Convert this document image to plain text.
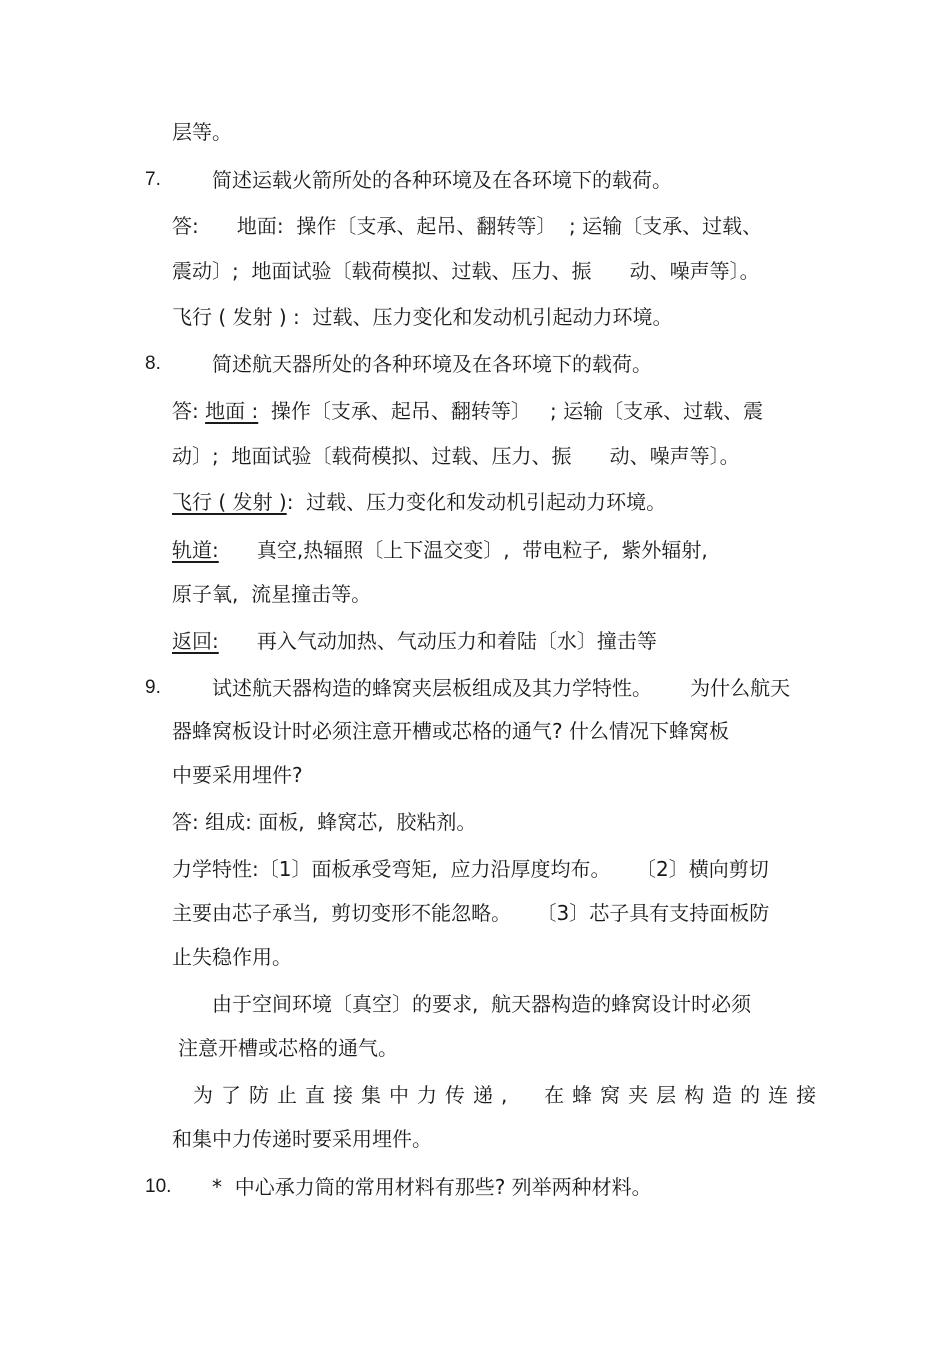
层等。
7.	简述运载火箭所处的各种环境及在各环境下的载荷。
答:      地面:  操作〔支承、起吊、翻转等〕  ; 运输〔支承、过载、
震动〕;  地面试验〔载荷模拟、过载、压力、振      动、噪声等〕。
飞行 ( 发射 ) :  过载、压力变化和发动机引起动力环境。
8.	简述航天器所处的各种环境及在各环境下的载荷。
答: 地面 :  操作〔支承、起吊、翻转等〕   ; 运输〔支承、过载、震
动〕;  地面试验〔载荷模拟、过载、压力、振      动、噪声等〕。
飞行 ( 发射 ):  过载、压力变化和发动机引起动力环境。
轨道:      真空,热辐照〔上下温交变〕,  带电粒子,  紫外辐射,
原子氧,  流星撞击等。
返回:      再入气动加热、气动压力和着陆〔水〕撞击等
9.	试述航天器构造的蜂窝夹层板组成及其力学特性。      为什么航天
器蜂窝板设计时必须注意开槽或芯格的通气? 什么情况下蜂窝板
中要采用埋件?
答: 组成: 面板,  蜂窝芯,  胶粘剂。
力学特性:〔1〕面板承受弯矩,  应力沿厚度均布。    〔2〕横向剪切
主要由芯子承当,  剪切变形不能忽略。    〔3〕芯子具有支持面板防
止失稳作用。
由于空间环境〔真空〕的要求,  航天器构造的蜂窝设计时必须
注意开槽或芯格的通气。
为了防止直接集中力传递,  在蜂窝夹层构造的连接
和集中力传递时要采用埋件。
10. *  中心承力筒的常用材料有那些? 列举两种材料。
